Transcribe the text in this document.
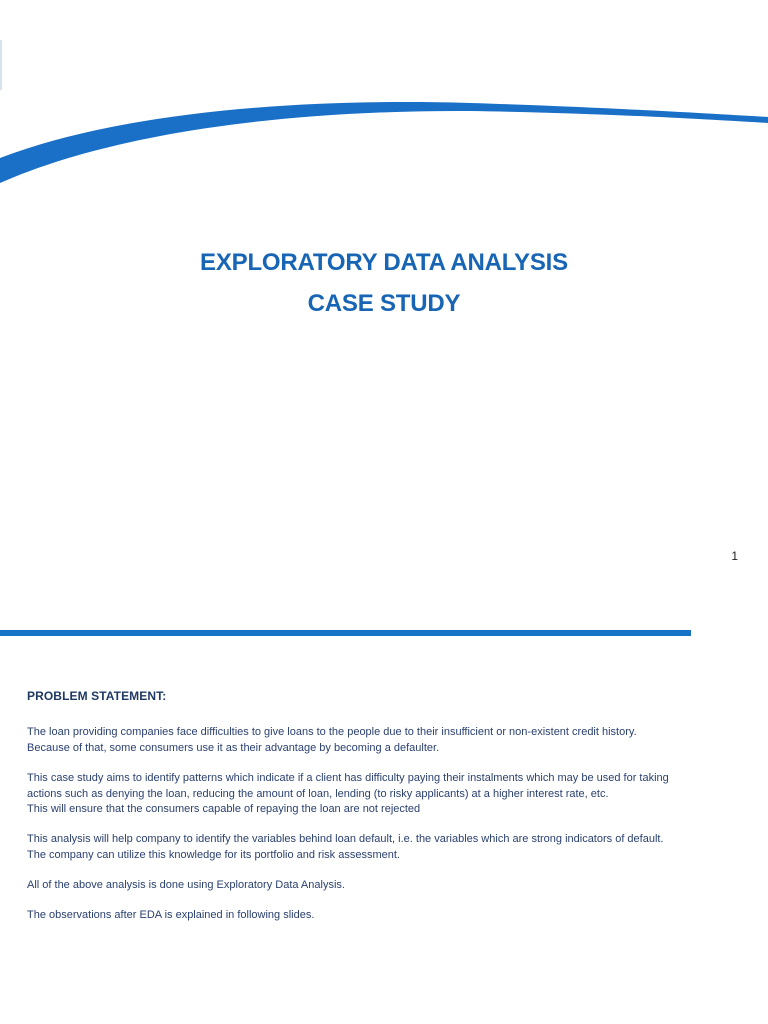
EXPLORATORY DATA ANALYSIS
CASE STUDY
1
PROBLEM STATEMENT:

The loan providing companies face difficulties to give loans to the people due to their insufficient or non-existent credit history.
Because of that, some consumers use it as their advantage by becoming a defaulter.

This case study aims to identify patterns which indicate if a client has difficulty paying their instalments which may be used for taking
actions such as denying the loan, reducing the amount of loan, lending (to risky applicants) at a higher interest rate, etc.
This will ensure that the consumers capable of repaying the loan are not rejected

This analysis will help company to identify the variables behind loan default, i.e. the variables which are strong indicators of default.
The company can utilize this knowledge for its portfolio and risk assessment.

All of the above analysis is done using Exploratory Data Analysis.

The observations after EDA is explained in following slides.
